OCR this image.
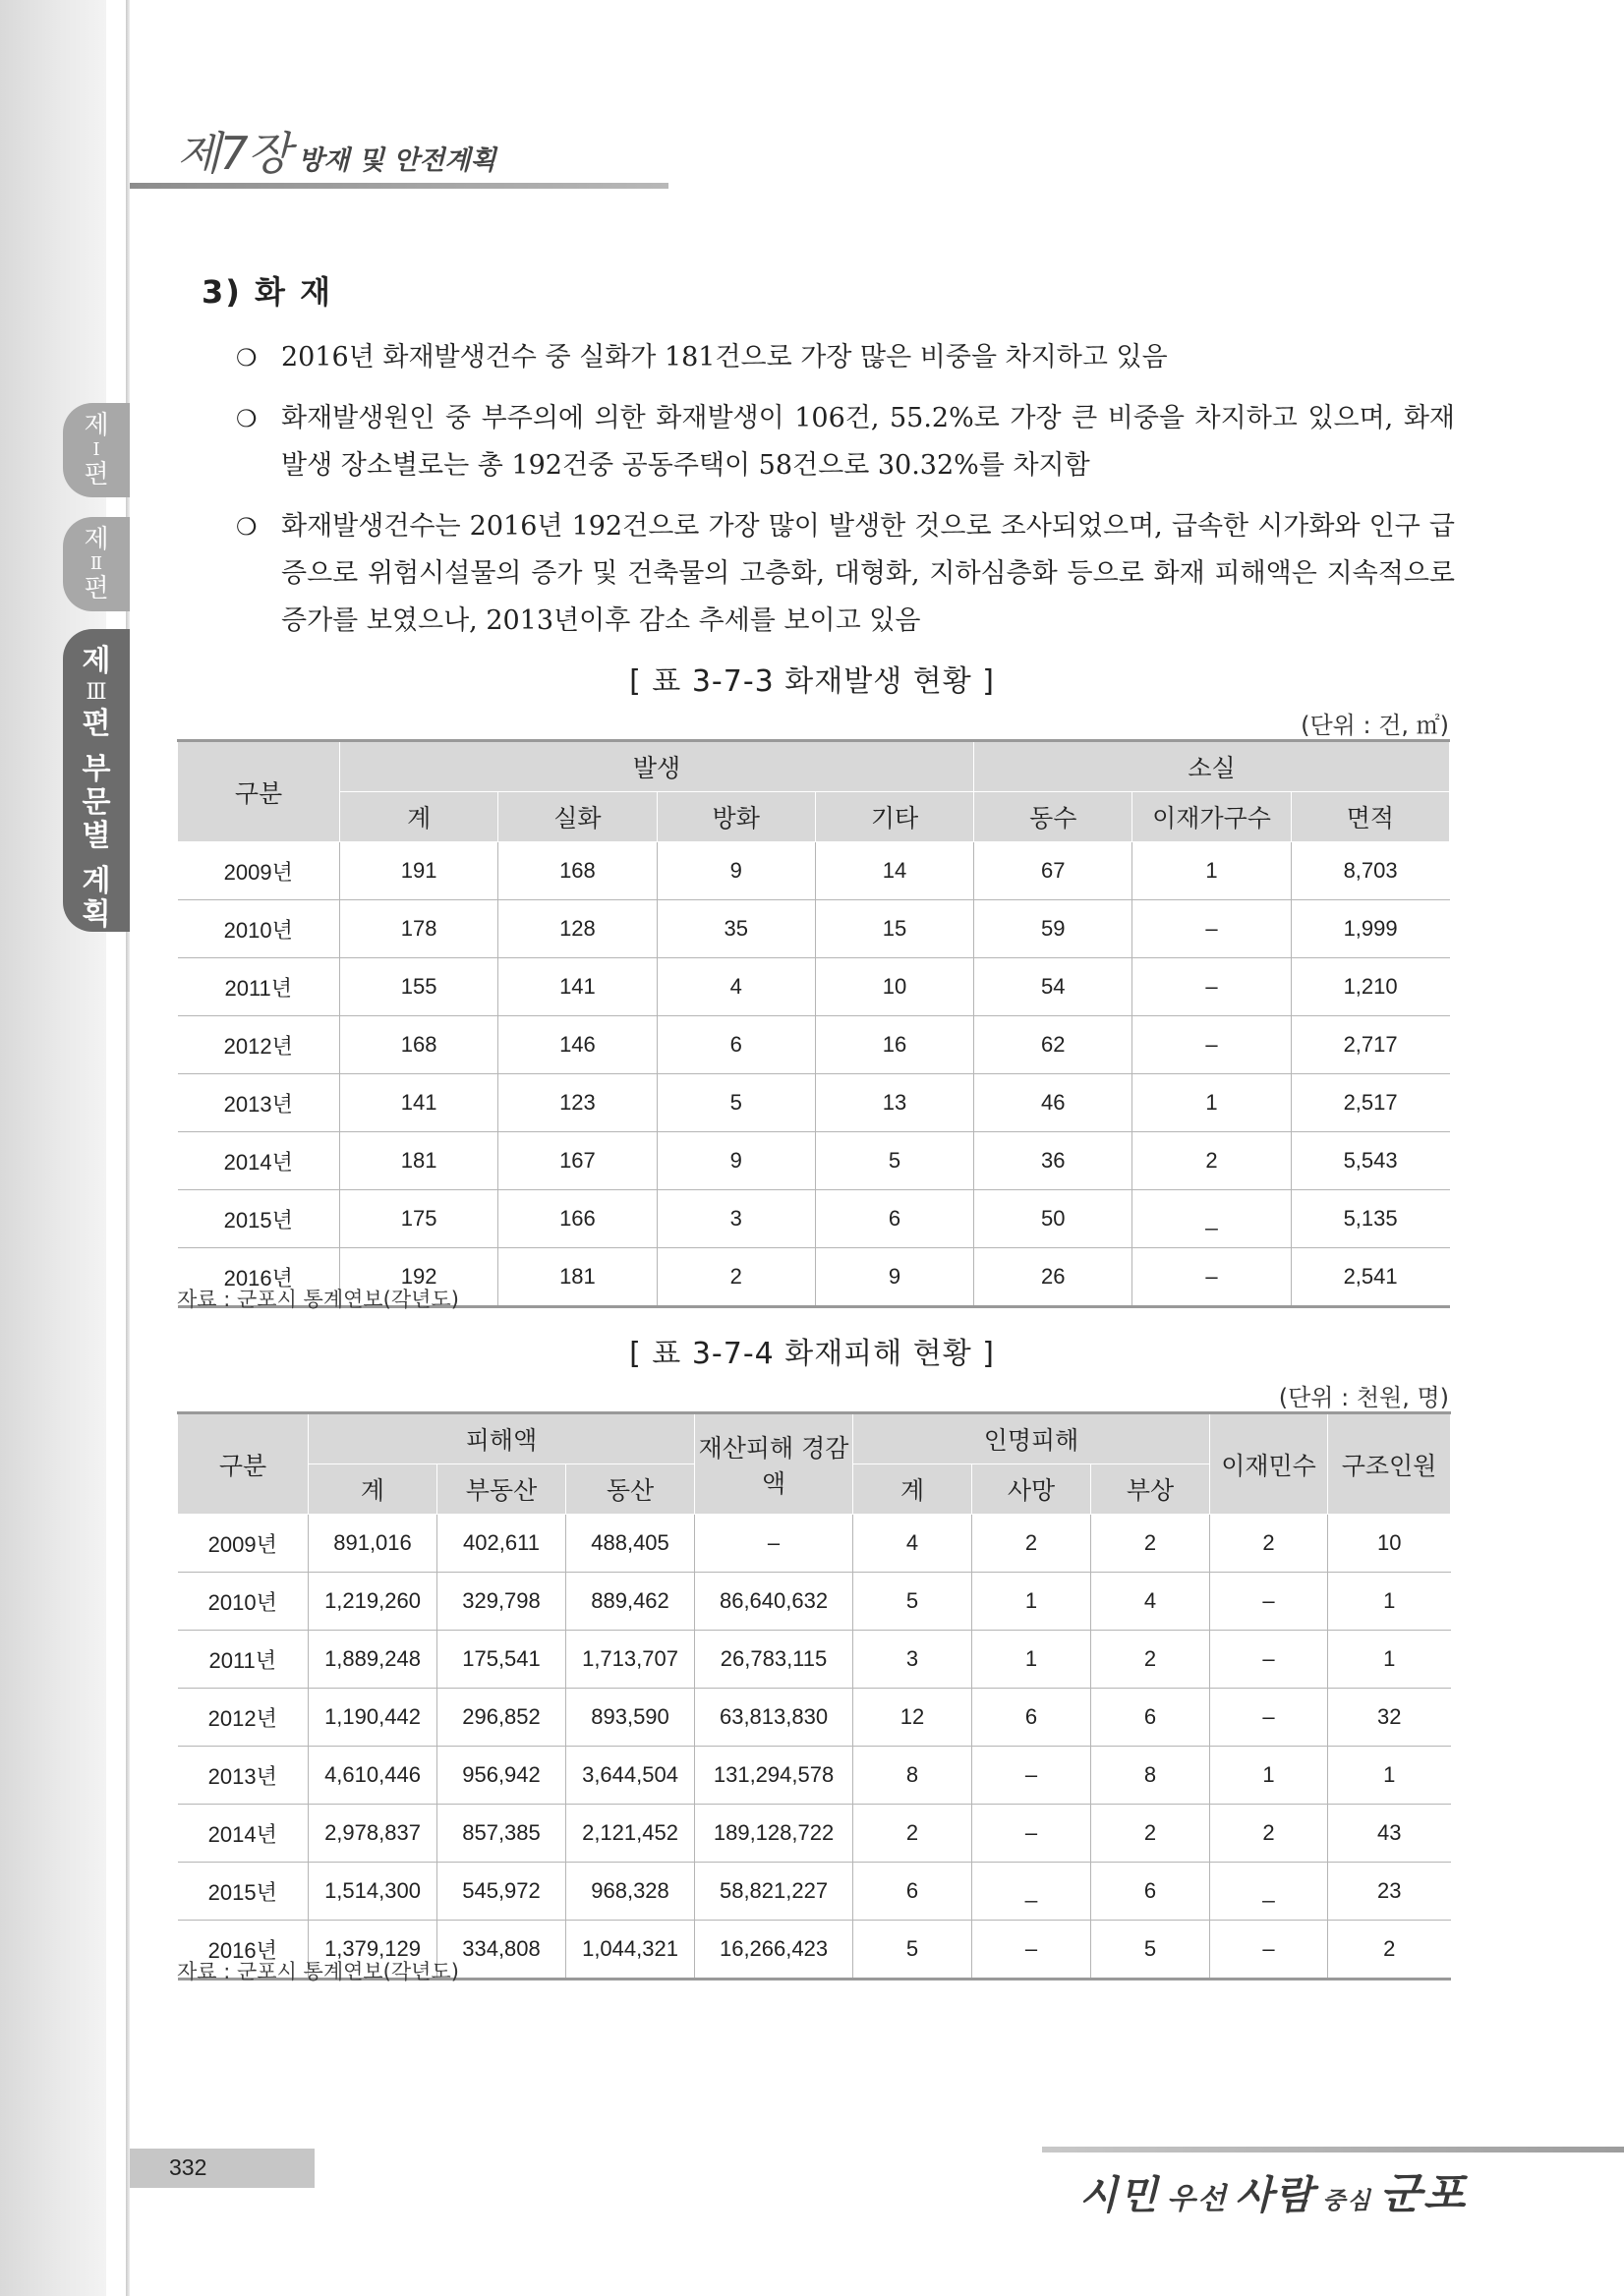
제
Ⅰ
편
제
Ⅱ
편
제
Ⅲ
편
부
문
별
계
획
제7장 방재 및 안전계획
3) 화 재
❍ 2016년 화재발생건수 중 실화가 181건으로 가장 많은 비중을 차지하고 있음
❍ 화재발생원인 중 부주의에 의한 화재발생이 106건, 55.2%로 가장 큰 비중을 차지하고 있으며, 화재발생 장소별로는 총 192건중 공동주택이 58건으로 30.32%를 차지함
❍ 화재발생건수는 2016년 192건으로 가장 많이 발생한 것으로 조사되었으며, 급속한 시가화와 인구 급증으로 위험시설물의 증가 및 건축물의 고층화, 대형화, 지하심층화 등으로 화재 피해액은 지속적으로 증가를 보였으나, 2013년이후 감소 추세를 보이고 있음
[ 표 3-7-3 화재발생 현황 ]
(단위 : 건, ㎡)
구분	발생				소실		
	계	실화	방화	기타	동수	이재가구수	면적
2009년	191	168	9	14	67	1	8,703
2010년	178	128	35	15	59	–	1,999
2011년	155	141	4	10	54	–	1,210
2012년	168	146	6	16	62	–	2,717
2013년	141	123	5	13	46	1	2,517
2014년	181	167	9	5	36	2	5,543
2015년	175	166	3	6	50	_	5,135
2016년	192	181	2	9	26	–	2,541
자료 : 군포시 통계연보(각년도)
[ 표 3-7-4 화재피해 현황 ]
(단위 : 천원, 명)
구분	피해액			재산피해 경감액	인명피해			이재민수	구조인원
	계	부동산	동산		계	사망	부상		
2009년	891,016	402,611	488,405	–	4	2	2	2	10
2010년	1,219,260	329,798	889,462	86,640,632	5	1	4	–	1
2011년	1,889,248	175,541	1,713,707	26,783,115	3	1	2	–	1
2012년	1,190,442	296,852	893,590	63,813,830	12	6	6	–	32
2013년	4,610,446	956,942	3,644,504	131,294,578	8	–	8	1	1
2014년	2,978,837	857,385	2,121,452	189,128,722	2	–	2	2	43
2015년	1,514,300	545,972	968,328	58,821,227	6	_	6	_	23
2016년	1,379,129	334,808	1,044,321	16,266,423	5	–	5	–	2
자료 : 군포시 통계연보(각년도)
332
시민 우선 사람 중심 군포
